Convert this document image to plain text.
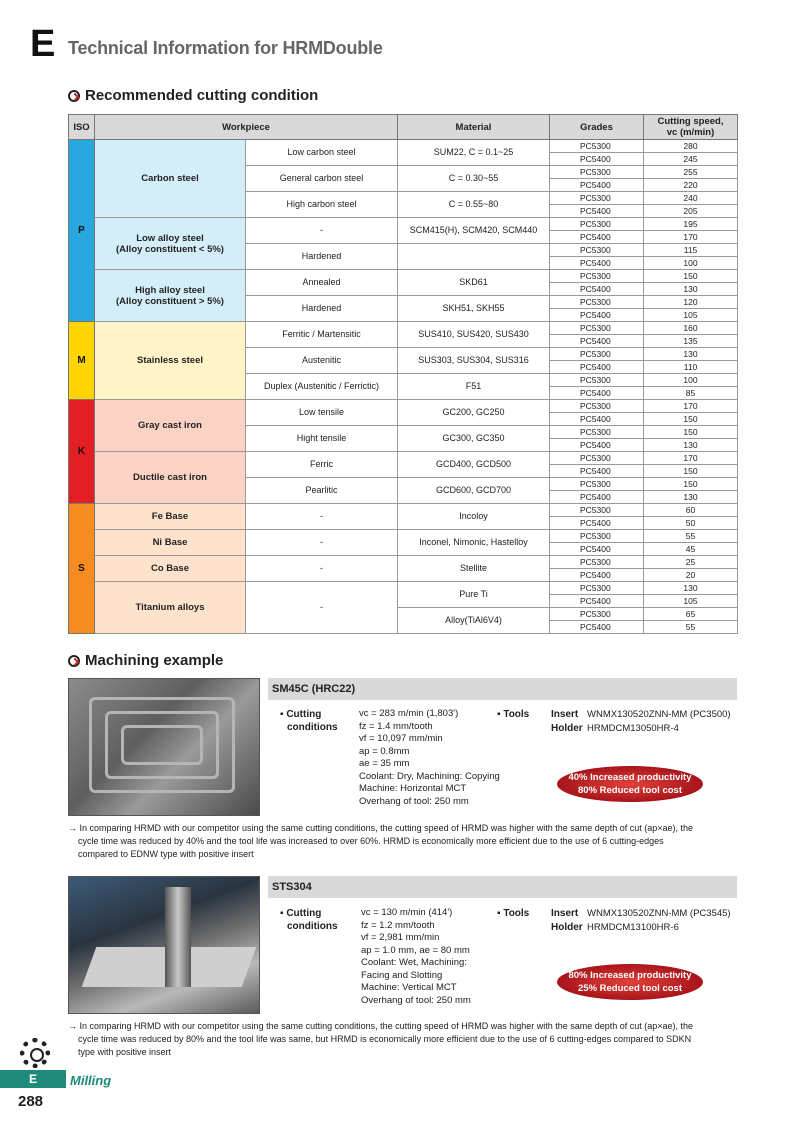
E Technical Information for HRMDouble
Recommended cutting condition
ISO	Workpiece		Material	Grades	Cutting speed,
vc (m/min)
P	Carbon steel	Low carbon steel	SUM22, C = 0.1~25	PC5300	280
				PC5400	245
		General carbon steel	C = 0.30~55	PC5300	255
				PC5400	220
		High carbon steel	C = 0.55~80	PC5300	240
				PC5400	205
	Low alloy steel
(Alloy constituent < 5%)	-	SCM415(H), SCM420, SCM440	PC5300	195
				PC5400	170
		Hardened		PC5300	115
				PC5400	100
	High alloy steel
(Alloy constituent > 5%)	Annealed	SKD61	PC5300	150
				PC5400	130
		Hardened	SKH51, SKH55	PC5300	120
				PC5400	105
M	Stainless steel	Ferritic / Martensitic	SUS410, SUS420, SUS430	PC5300	160
				PC5400	135
		Austenitic	SUS303, SUS304, SUS316	PC5300	130
				PC5400	110
		Duplex (Austenitic / Ferrictic)	F51	PC5300	100
				PC5400	85
K	Gray cast iron	Low tensile	GC200, GC250	PC5300	170
				PC5400	150
		Hight tensile	GC300, GC350	PC5300	150
				PC5400	130
	Ductile cast iron	Ferric	GCD400, GCD500	PC5300	170
				PC5400	150
		Pearlitic	GCD600, GCD700	PC5300	150
				PC5400	130
S	Fe Base	-	Incoloy	PC5300	60
				PC5400	50
	Ni Base	-	Inconel, Nimonic, Hastelloy	PC5300	55
				PC5400	45
	Co Base	-	Stellite	PC5300	25
				PC5400	20
	Titanium alloys	-	Pure Ti	PC5300	130
				PC5400	105
			Alloy(TiAl6V4)	PC5300	65
				PC5400	55
Machining example
SM45C (HRC22)
▪ Cutting
conditions
vc = 283 m/min (1,803')
fz = 1.4 mm/tooth
vf = 10,097 mm/min
ap = 0.8mm
ae = 35 mm
Coolant: Dry, Machining: Copying
Machine: Horizontal MCT
Overhang of tool: 250 mm
▪ Tools Insert WNMX130520ZNN-MM (PC3500)
Holder HRMDCM13050HR-4
40% Increased productivity
80% Reduced tool cost
→ In comparing HRMD with our competitor using the same cutting conditions, the cutting speed of HRMD was higher with the same depth of cut (ap×ae), the
cycle time was reduced by 40% and the tool life was increased to over 60%. HRMD is economically more efficient due to the use of 6 cutting-edges
compared to EDNW type with positive insert
STS304
▪ Cutting
conditions
vc = 130 m/min (414')
fz = 1.2 mm/tooth
vf = 2,981 mm/min
ap = 1.0 mm, ae = 80 mm
Coolant: Wet, Machining:
Facing and Slotting
Machine: Vertical MCT
Overhang of tool: 250 mm
▪ Tools Insert WNMX130520ZNN-MM (PC3545)
Holder HRMDCM13100HR-6
80% Increased productivity
25% Reduced tool cost
→ In comparing HRMD with our competitor using the same cutting conditions, the cutting speed of HRMD was higher with the same depth of cut (ap×ae), the
cycle time was reduced by 80% and the tool life was same, but HRMD is economically more efficient due to the use of 6 cutting-edges compared to SDKN
type with positive insert
E	Milling
288
